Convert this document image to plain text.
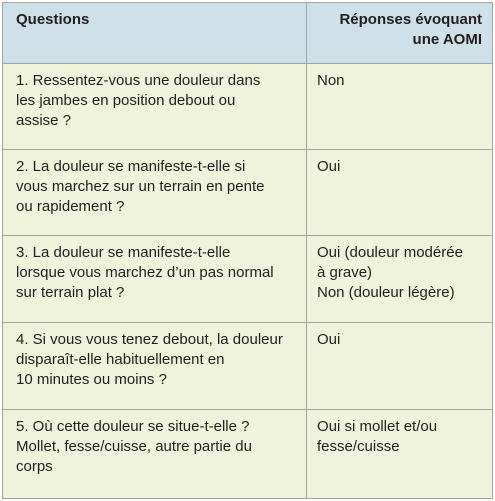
Questions	Réponses évoquant
une AOMI
1. Ressentez-vous une douleur dans
les jambes en position debout ou
assise ?
Non
2. La douleur se manifeste-t-elle si
vous marchez sur un terrain en pente
ou rapidement ?
Oui
3. La douleur se manifeste-t-elle
lorsque vous marchez d’un pas normal
sur terrain plat ?
Oui (douleur modérée
à grave)
Non (douleur légère)
4. Si vous vous tenez debout, la douleur
disparaît-elle habituellement en
10 minutes ou moins ?
Oui
5. Où cette douleur se situe-t-elle ?
Mollet, fesse/cuisse, autre partie du
corps
Oui si mollet et/ou
fesse/cuisse
